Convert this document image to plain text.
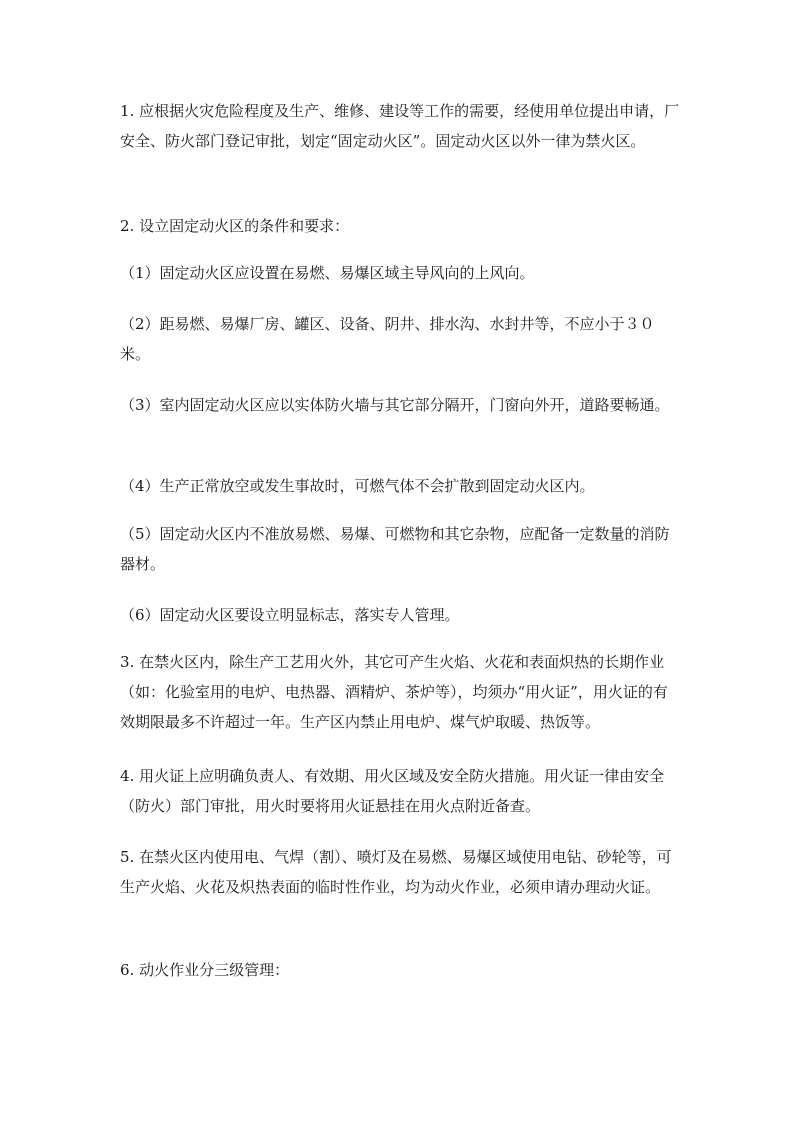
1. 应根据火灾危险程度及生产、维修、建设等工作的需要，经使用单位提出申请，厂安全、防火部门登记审批，划定“固定动火区”。固定动火区以外一律为禁火区。

2. 设立固定动火区的条件和要求：

（1）固定动火区应设置在易燃、易爆区域主导风向的上风向。

（2）距易燃、易爆厂房、罐区、设备、阴井、排水沟、水封井等，不应小于３０米。

（3）室内固定动火区应以实体防火墙与其它部分隔开，门窗向外开，道路要畅通。

（4）生产正常放空或发生事故时，可燃气体不会扩散到固定动火区内。

（5）固定动火区内不准放易燃、易爆、可燃物和其它杂物，应配备一定数量的消防器材。

（6）固定动火区要设立明显标志，落实专人管理。

3. 在禁火区内，除生产工艺用火外，其它可产生火焰、火花和表面炽热的长期作业（如：化验室用的电炉、电热器、酒精炉、茶炉等），均须办“用火证”，用火证的有效期限最多不许超过一年。生产区内禁止用电炉、煤气炉取暖、热饭等。

4. 用火证上应明确负责人、有效期、用火区域及安全防火措施。用火证一律由安全（防火）部门审批，用火时要将用火证悬挂在用火点附近备查。

5. 在禁火区内使用电、气焊（割）、喷灯及在易燃、易爆区域使用电钻、砂轮等，可生产火焰、火花及炽热表面的临时性作业，均为动火作业，必须申请办理动火证。

6. 动火作业分三级管理：
